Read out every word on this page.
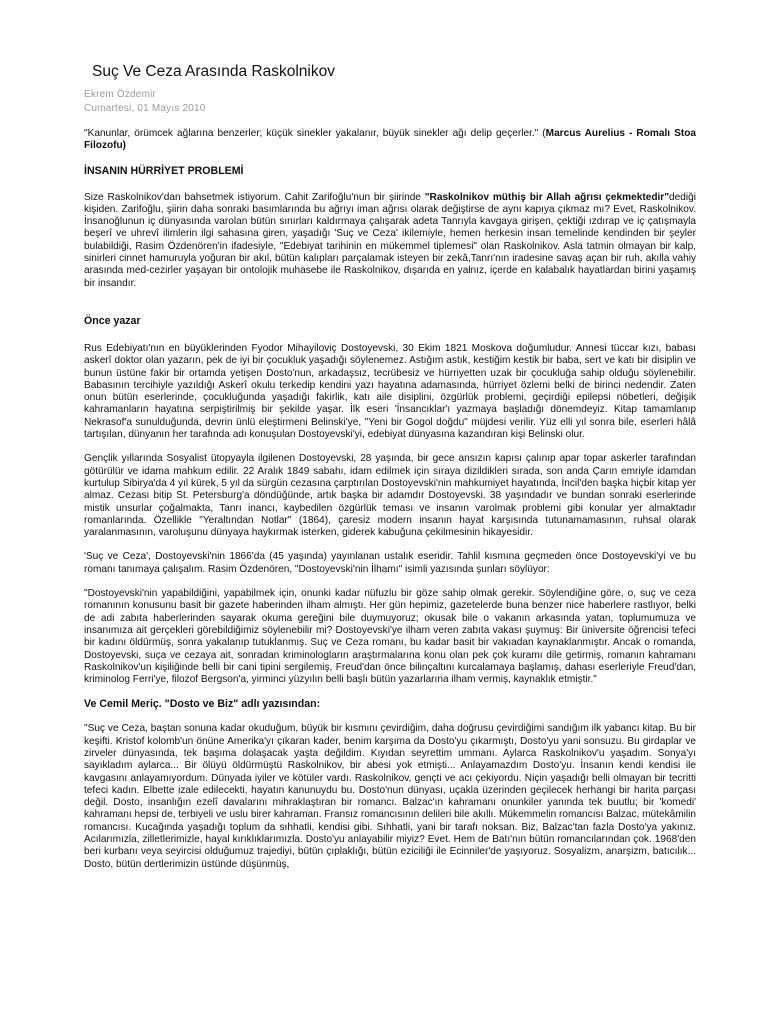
Suç Ve Ceza Arasında Raskolnikov
Ekrem Özdemir
Cumartesi, 01 Mayıs 2010

"Kanunlar, örümcek ağlarına benzerler; küçük sinekler yakalanır, büyük sinekler ağı delip geçerler." (Marcus Aurelius - Romalı Stoa Filozofu)

İNSANIN HÜRRİYET PROBLEMİ

Size Raskolnikov'dan bahsetmek istiyorum. Cahit Zarifoğlu'nun bir şiirinde "Raskolnikov müthiş bir Allah ağrısı çekmektedir"dediği kişiden. Zarifoğlu, şiirin daha sonraki basımlarında bu ağrıyı iman ağrısı olarak değiştirse de aynı kapıya çıkmaz mı? Evet, Raskolnikov. İnsanoğlunun iç dünyasında varolan bütün sınırları kaldırmaya çalışarak adeta Tanrıyla kavgaya girişen, çektiği ızdırap ve iç çatışmayla beşerî ve uhrevî ilimlerin ilgi sahasına giren, yaşadığı 'Suç ve Ceza' ikilemiyle, hemen herkesin insan temelinde kendinden bir şeyler bulabildiği, Rasim Özdenören'in ifadesiyle, "Edebiyat tarihinin en mükemmel tiplemesi" olan Raskolnikov. Asla tatmin olmayan bir kalp, sinirleri cinnet hamuruyla yoğuran bir akıl, bütün kalıpları parçalamak isteyen bir zekâ,Tanrı'nın iradesine savaş açan bir ruh, akılla vahiy arasında med-cezirler yaşayan bir ontolojik muhasebe ile Raskolnikov, dışarıda en yalnız, içerde en kalabalık hayatlardan birini yaşamış bir insandır.

Önce yazar

Rus Edebiyatı'nın en büyüklerinden Fyodor Mihayiloviç Dostoyevski, 30 Ekim 1821 Moskova doğumludur. Annesi tüccar kızı, babası askerî doktor olan yazarın, pek de iyi bir çocukluk yaşadığı söylenemez. Astığım astık, kestiğim kestik bir baba, sert ve katı bir disiplin ve bunun üstüne fakir bir ortamda yetişen Dosto'nun, arkadaşsız, tecrübesiz ve hürriyetten uzak bir çocukluğa sahip olduğu söylenebilir. Babasının tercihiyle yazıldığı Askerî okulu terkedip kendini yazı hayatına adamasında, hürriyet özlemi belki de birinci nedendir. Zaten onun bütün eserlerinde, çocukluğunda yaşadığı fakirlik, katı aile disiplini, özgürlük problemi, geçirdiği epilepsi nöbetleri, değişik kahramanların hayatına serpiştirilmiş bir şekilde yaşar. İlk eseri 'İnsancıklar'ı yazmaya başladığı dönemdeyiz. Kitap tamamlanıp Nekrasof'a sunulduğunda, devrin ünlü eleştirmeni Belinski'ye, "Yeni bir Gogol doğdu" müjdesi verilir. Yüz elli yıl sonra bile, eserleri hâlâ tartışılan, dünyanın her tarafında adı konuşulan Dostoyevski'yi, edebiyat dünyasına kazandıran kişi Belinski olur.

Gençlik yıllarında Sosyalist ütopyayla ilgilenen Dostoyevski, 28 yaşında, bir gece ansızın kapısı çalınıp apar topar askerler tarafından götürülür ve idama mahkum edilir. 22 Aralık 1849 sabahı, idam edilmek için sıraya dizildikleri sırada, son anda Çarın emriyle idamdan kurtulup Sibirya'da 4 yıl kürek, 5 yıl da sürgün cezasına çarptırılan Dostoyevski'nin mahkumiyet hayatında, İncil'den başka hiçbir kitap yer almaz. Cezası bitip St. Petersburg'a döndüğünde, artık başka bir adamdır Dostoyevski. 38 yaşındadır ve bundan sonraki eserlerinde mistik unsurlar çoğalmakta, Tanrı inancı, kaybedilen özgürlük teması ve insanın varolmak problemi gibi konular yer almaktadır romanlarında. Özellikle "Yeraltından Notlar" (1864), çaresiz modern insanın hayat karşısında tutunamamasının, ruhsal olarak yaralanmasının, varoluşunu dünyaya haykırmak isterken, giderek kabuğuna çekilmesinin hikayesidir.

'Suç ve Ceza', Dostoyevski'nin 1866'da (45 yaşında) yayınlanan ustalık eseridir. Tahlil kısmına geçmeden önce Dostoyevski'yi ve bu romanı tanımaya çalışalım. Rasim Özdenören, "Dostoyevski'nin İlhamı" isimli yazısında şunları söylüyor:

"Dostoyevski'nin yapabildiğini, yapabilmek için, onunki kadar nüfuzlu bir göze sahip olmak gerekir. Söylendiğine göre, o, suç ve ceza romanının konusunu basit bir gazete haberinden ilham almıştı. Her gün hepimiz, gazetelerde buna benzer nice haberlere rastlıyor, belki de adi zabıta haberlerinden sayarak okuma gereğini bile duymuyoruz; okusak bile o vakanın arkasında yatan, toplumumuza ve insanımıza ait gerçekleri görebildiğimiz söylenebilir mi? Dostoyevski'ye ilham veren zabıta vakası şuymuş: Bir üniversite öğrencisi tefeci bir kadını öldürmüş, sonra yakalanıp tutuklanmış. Suç ve Ceza romanı, bu kadar basit bir vakıadan kaynaklanmıştır. Ancak o romanda, Dostoyevski, suça ve cezaya ait, sonradan kriminologların araştırmalarına konu olan pek çok kuramı dile getirmiş, romanın kahramanı Raskolnikov'un kişiliğinde belli bir cani tipini sergilemiş, Freud'dan önce bilinçaltını kurcalamaya başlamış, dahası eserleriyle Freud'dan, kriminolog Ferri'ye, filozof Bergson'a, yirminci yüzyılın belli başlı bütün yazarlarına ilham vermiş, kaynaklık etmiştir."

Ve Cemil Meriç. "Dosto ve Biz" adlı yazısından:

"Suç ve Ceza, baştan sonuna kadar okuduğum, büyük bir kısmını çevirdiğim, daha doğrusu çevirdiğimi sandığım ilk yabancı kitap. Bu bir keşifti. Kristof kolomb'un önüne Amerika'yı çıkaran kader, benim karşıma da Dosto'yu çıkarmıştı, Dosto'yu yani sonsuzu. Bu girdaplar ve zirveler dünyasında, tek başıma dolaşacak yaşta değildim. Kıyıdan seyrettim ummanı. Aylarca Raskolnikov'u yaşadım. Sonya'yı sayıkladım aylarca... Bir ölüyü öldürmüştü Raskolnikov, bir abesi yok etmişti... Anlayamazdım Dosto'yu. İnsanın kendi kendisi ile kavgasını anlayamıyordum. Dünyada iyiler ve kötüler vardı. Raskolnikov, gençti ve acı çekiyordu. Niçin yaşadığı belli olmayan bir tecritti tefeci kadın. Elbette izale edilecekti, hayatın kanunuydu bu. Dosto'nun dünyası, uçakla üzerinden geçilecek herhangi bir harita parçası değil. Dosto, insanlığın ezelî davalarını mihraklaştıran bir romancı. Balzac'ın kahramanı onunkiler yanında tek buutlu; bir 'komedi' kahramanı hepsi de, terbiyeli ve uslu birer kahraman. Fransız romancısının delileri bile akıllı. Mükemmelin romancısı Balzac, mütekâmilin romancısı. Kucağında yaşadığı toplum da sıhhatli, kendisi gibi. Sıhhatli, yani bir tarafı noksan. Biz, Balzac'tan fazla Dosto'ya yakınız. Acılarımızla, zilletlerimizle, hayal kırıklıklarımızla. Dosto'yu anlayabilir miyiz? Evet. Hem de Batı'nın bütün romancılarından çok. 1968'den beri kurbanı veya seyircisi olduğumuz trajediyi, bütün çıplaklığı, bütün eziciliği ile Ecinniler'de yaşıyoruz. Sosyalizm, anarşizm, batıcılık... Dosto, bütün dertlerimizin üstünde düşünmüş,
